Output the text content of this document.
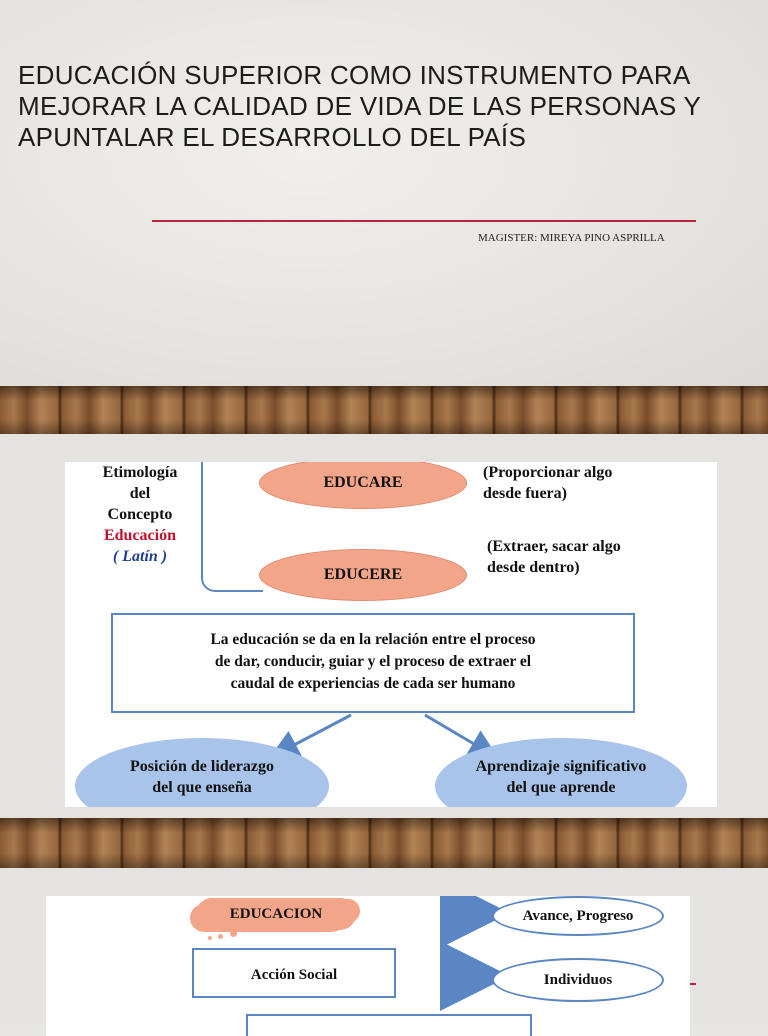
EDUCACIÓN SUPERIOR COMO INSTRUMENTO PARA MEJORAR LA CALIDAD DE VIDA DE LAS PERSONAS Y APUNTALAR EL DESARROLLO DEL PAÍS
MAGISTER: MIREYA PINO ASPRILLA
Etimología
del
Concepto
Educación
( Latín )
EDUCARE
(Proporcionar algo
desde fuera)
EDUCERE
(Extraer, sacar algo
desde dentro)
La educación se da en la relación entre el proceso
de dar, conducir, guiar y el proceso de extraer el
caudal de experiencias de cada ser humano
Posición de liderazgo
del que enseña
Aprendizaje significativo
del que aprende
EDUCACION	Avance, Progreso
Acción Social	Individuos
